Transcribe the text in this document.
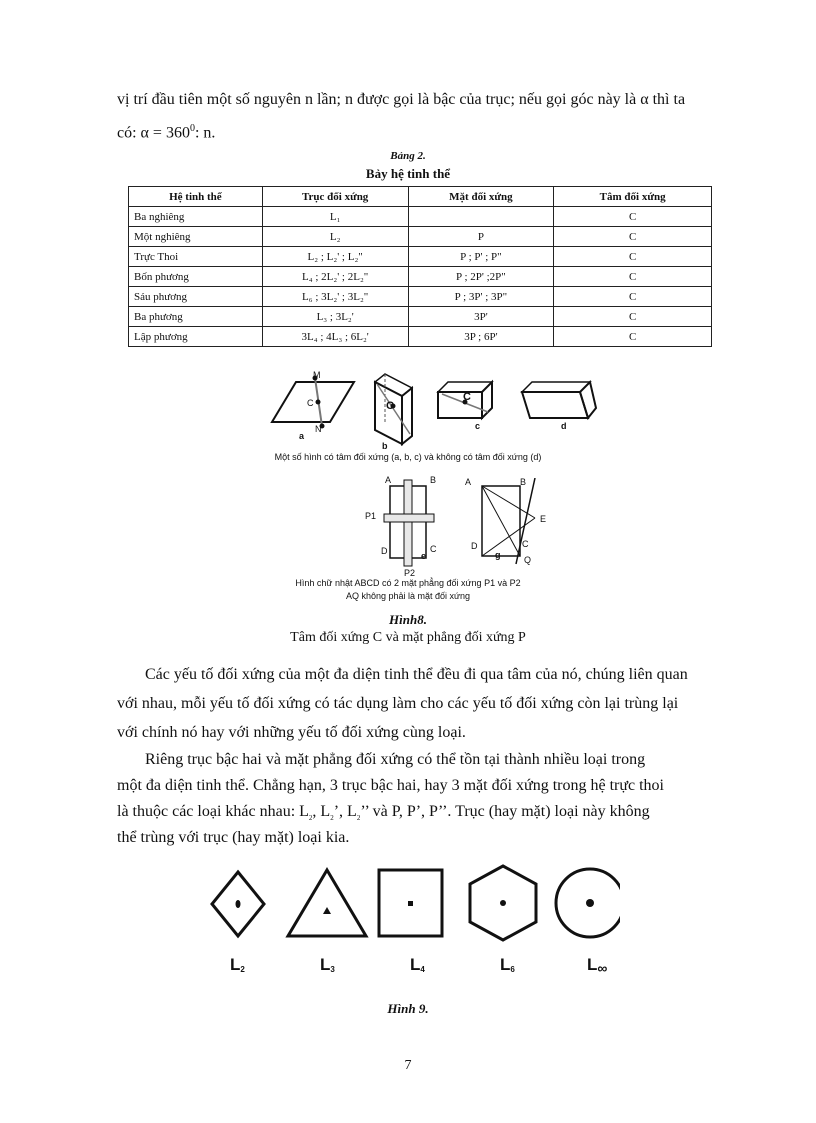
vị trí đầu tiên một số nguyên n lần; n được gọi là bậc của trục; nếu gọi góc này là α thì ta
có: $\alpha = 360^0$: n.
Bảng 2.
Bảy hệ tinh thể
Hệ tinh thể	Trục đối xứng	Mặt đối xứng	Tâm đối xứng
Ba nghiêng	L₁		C
Một nghiêng	L₂	P	C
Trực Thoi	L₂ ; L₂' ; L₂"	P ; P' ; P"	C
Bốn phương	L₄ ; 2L₂' ; 2L₂"	P ; 2P' ;2P"	C
Sáu phương	L₆ ; 3L₂' ; 3L₂"	P ; 3P' ; 3P"	C
Ba phương	L₃ ; 3L₂'	3P'	C
Lập phương	3L₄ ; 4L₃ ; 6L₂'	3P ; 6P'	C
M
C
N
a
C
b
C
c	d
Một số hình có tâm đối xứng (a, b, c) và không có tâm đối xứng (d)
A	B
P1
D	C
e
P2
A	B
E
D	C
g	Q
Hình chữ nhật ABCD có 2 mặt phẳng đối xứng P1 và P2
AQ không phải là mặt đối xứng
Hình8.
Tâm đối xứng C và mặt phẳng đối xứng P
Các yếu tố đối xứng của một đa diện tinh thể đều đi qua tâm của nó, chúng liên quan
với nhau, mỗi yếu tố đối xứng có tác dụng làm cho các yếu tố đối xứng còn lại trùng lại
với chính nó hay với những yếu tố đối xứng cùng loại.
Riêng trục bậc hai và mặt phẳng đối xứng có thể tồn tại thành nhiều loại trong
một đa diện tinh thể. Chẳng hạn, 3 trục bậc hai, hay 3 mặt đối xứng trong hệ trực thoi
là thuộc các loại khác nhau: $L_2$, $L_2$’, $L_2$’’ và P, P’, P’’. Trục (hay mặt) loại này không
thể trùng với trục (hay mặt) loại kia.
$L_2$	$L_3$	$L_4$	$L_6$	$L_\infty$
Hình 9.
7
